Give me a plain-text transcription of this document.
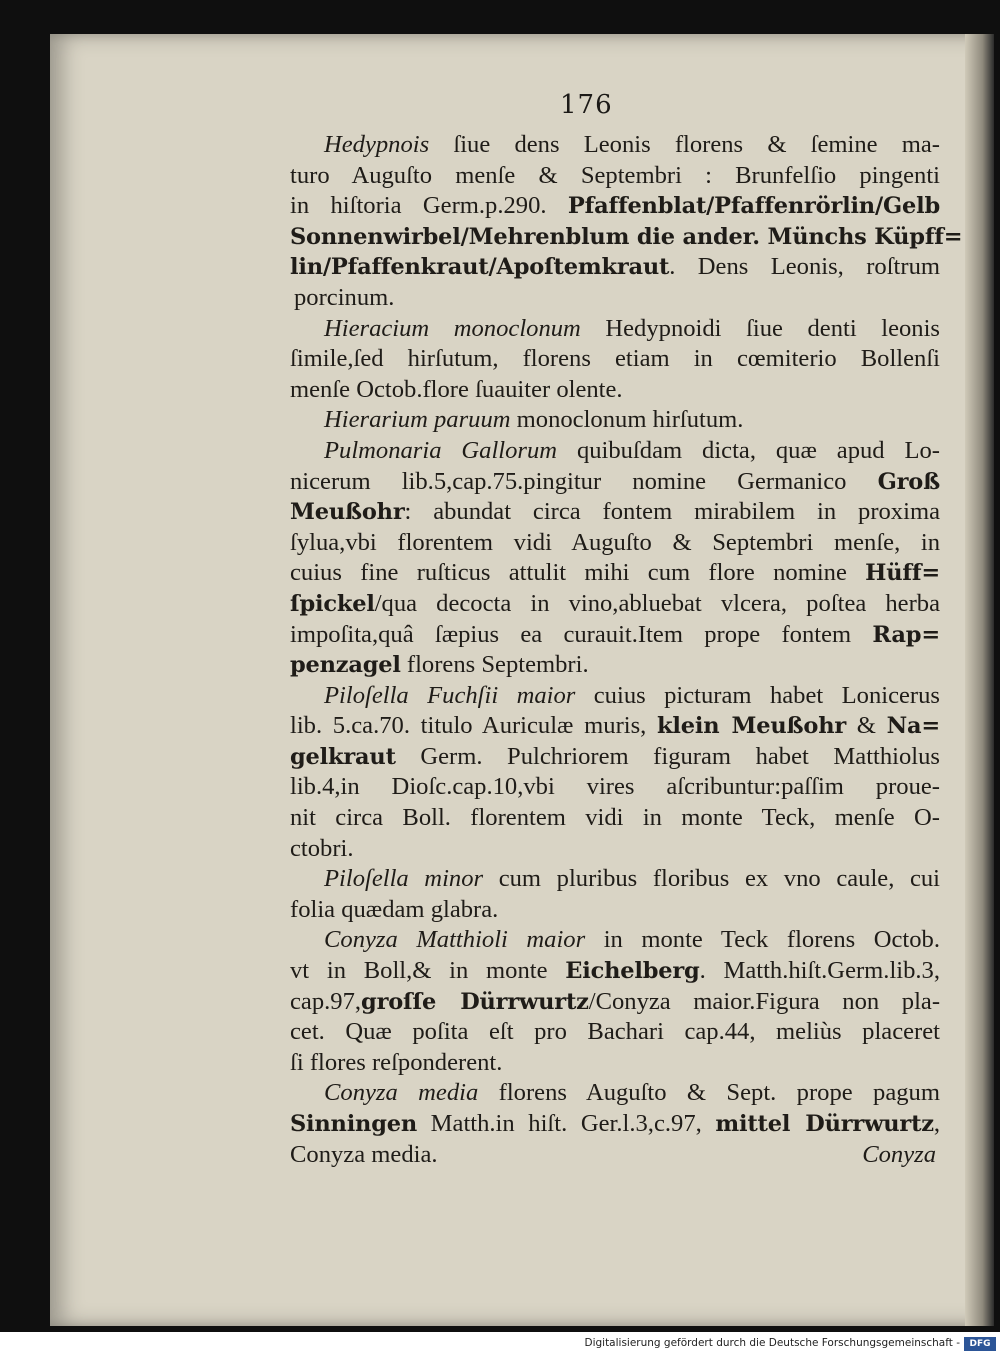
176
Hedypnois ſiue dens Leonis florens & ſemine ma-
turo Auguſto menſe & Septembri : Brunfelſio pingenti
in hiſtoria Germ.p.290. Pfaffenblat/Pfaffenrörlin/Gelb
Sonnenwirbel/Mehrenblum die ander. Münchs Küpff=
lin/Pfaffenkraut/Apoſtemkraut. Dens Leonis, roſtrum
porcinum.
Hieracium monoclonum Hedypnoidi ſiue denti leonis
ſimile,ſed hirſutum, florens etiam in cœmiterio Bollenſi
menſe Octob.flore ſuauiter olente.
Hierarium paruum monoclonum hirſutum.
Pulmonaria Gallorum quibuſdam dicta, quæ apud Lo-
nicerum lib.5,cap.75.pingitur nomine Germanico Groß
Meußohr: abundat circa fontem mirabilem in proxima
ſylua,vbi florentem vidi Auguſto & Septembri menſe, in
cuius fine ruſticus attulit mihi cum flore nomine Hüff=
ſpickel/qua decocta in vino,abluebat vlcera, poſtea herba
impoſita,quâ ſæpius ea curauit.Item prope fontem Rap=
penzagel florens Septembri.
Piloſella Fuchſii maior cuius picturam habet Lonicerus
lib. 5.ca.70. titulo Auriculæ muris, klein Meußohr & Na=
gelkraut Germ. Pulchriorem figuram habet Matthiolus
lib.4,in Dioſc.cap.10,vbi vires aſcribuntur:paſſim proue-
nit circa Boll. florentem vidi in monte Teck, menſe O-
ctobri.
Piloſella minor cum pluribus floribus ex vno caule, cui
folia quædam glabra.
Conyza Matthioli maior in monte Teck florens Octob.
vt in Boll,& in monte Eichelberg. Matth.hiſt.Germ.lib.3,
cap.97,groſſe Dürrwurtz/Conyza maior.Figura non pla-
cet. Quæ poſita eſt pro Bachari cap.44, meliùs placeret
ſi flores reſponderent.
Conyza media florens Auguſto & Sept. prope pagum
Sinningen Matth.in hiſt. Ger.l.3,c.97, mittel Dürrwurtz,
Conyza media.	Conyza
Digitalisierung gefördert durch die Deutsche Forschungsgemeinschaft -	DFG
